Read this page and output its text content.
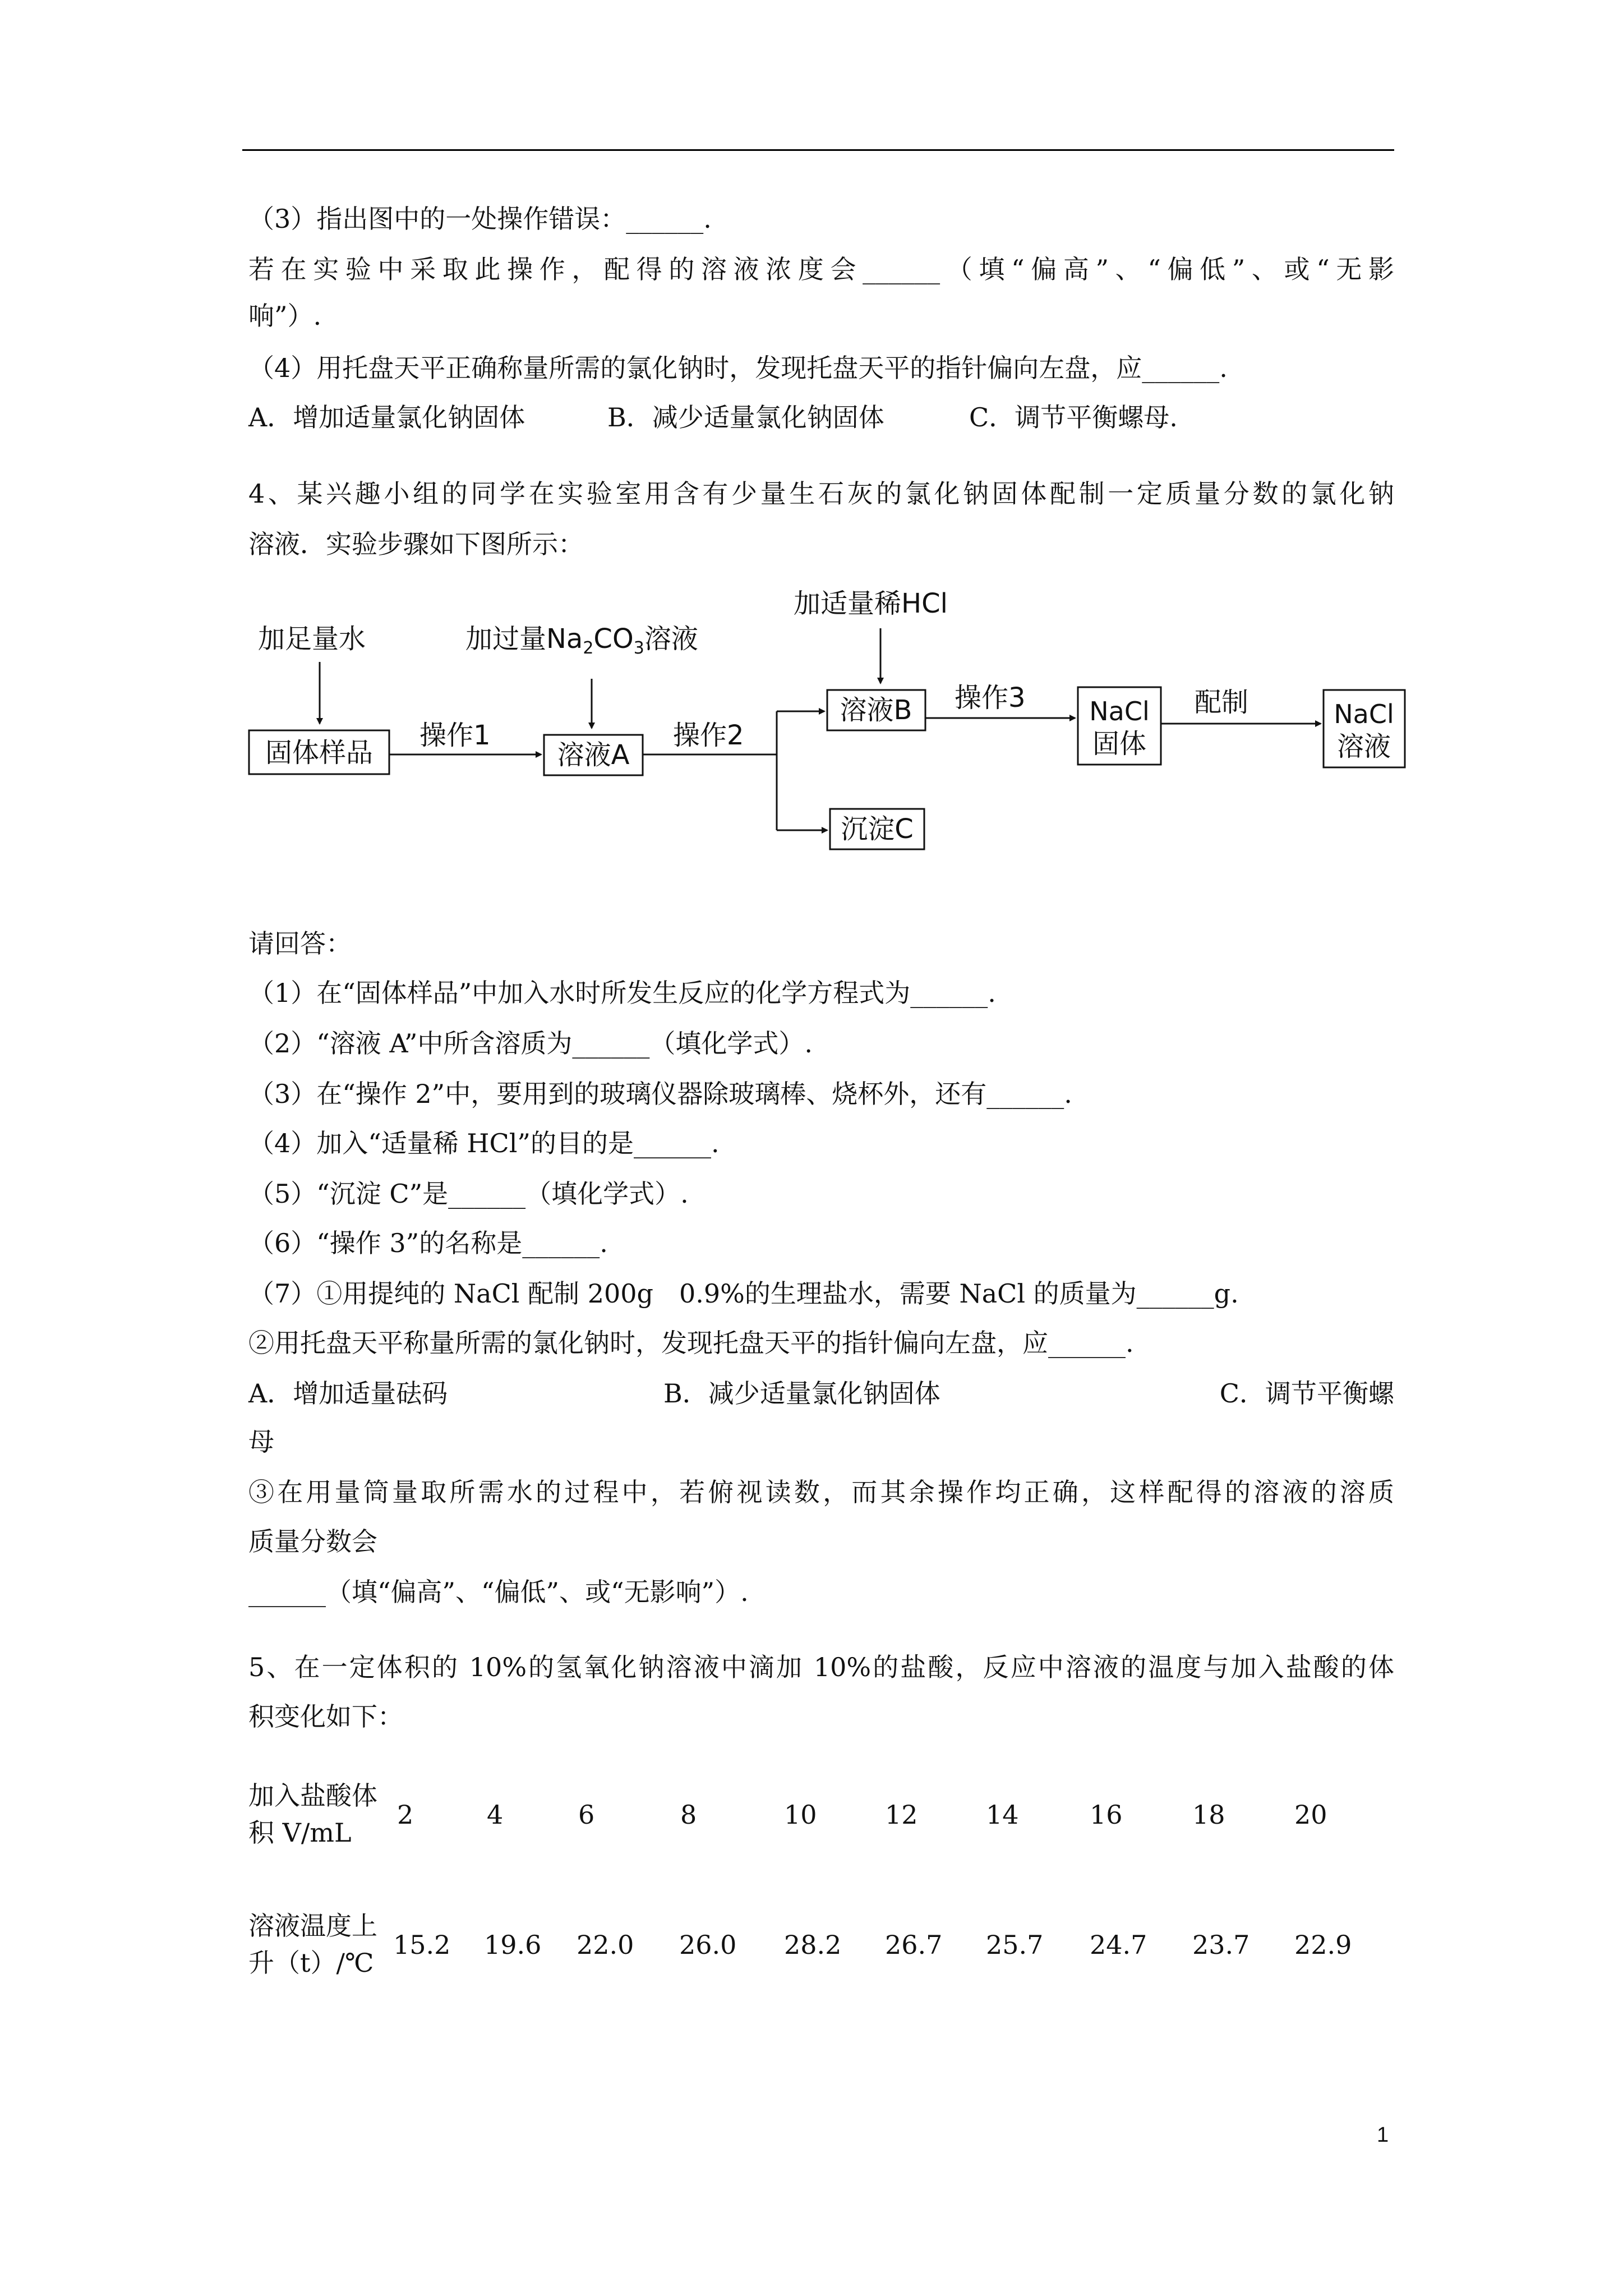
（3）指出图中的一处操作错误：______.
若在实验中采取此操作，配得的溶液浓度会______（填“偏高”、“偏低”、或“无影
响”）.
（4）用托盘天平正确称量所需的氯化钠时，发现托盘天平的指针偏向左盘，应______.
A．增加适量氯化钠固体	B．减少适量氯化钠固体	C．调节平衡螺母.
4、某兴趣小组的同学在实验室用含有少量生石灰的氯化钠固体配制一定质量分数的氯化钠
溶液．实验步骤如下图所示：
加足量水	加过量$Na_2CO_3$溶液
加适量稀HCl
固体样品	溶液A
溶液B
沉淀C
NaCl
固体
NaCl
溶液
操作1	操作2
操作3	配制
请回答：
（1）在“固体样品”中加入水时所发生反应的化学方程式为______.
（2）“溶液 A”中所含溶质为______（填化学式）.
（3）在“操作 2”中，要用到的玻璃仪器除玻璃棒、烧杯外，还有______.
（4）加入“适量稀 HCl”的目的是______.
（5）“沉淀 C”是______（填化学式）.
（6）“操作 3”的名称是______.
（7）①用提纯的 NaCl 配制 200g　0.9%的生理盐水，需要 NaCl 的质量为______g.
②用托盘天平称量所需的氯化钠时，发现托盘天平的指针偏向左盘，应______.
A．增加适量砝码	B．减少适量氯化钠固体	C．调节平衡螺
母
③在用量筒量取所需水的过程中，若俯视读数，而其余操作均正确，这样配得的溶液的溶质
质量分数会
______（填“偏高”、“偏低”、或“无影响”）.
5、在一定体积的 10%的氢氧化钠溶液中滴加 10%的盐酸，反应中溶液的温度与加入盐酸的体
积变化如下：
加入盐酸体
积 V/mL
2	4	6	8	10	12	14	16	18	20
溶液温度上
升（t）/℃
15.2 19.6 22.0 26.0 28.2 26.7 25.7 24.7 23.7 22.9
1
